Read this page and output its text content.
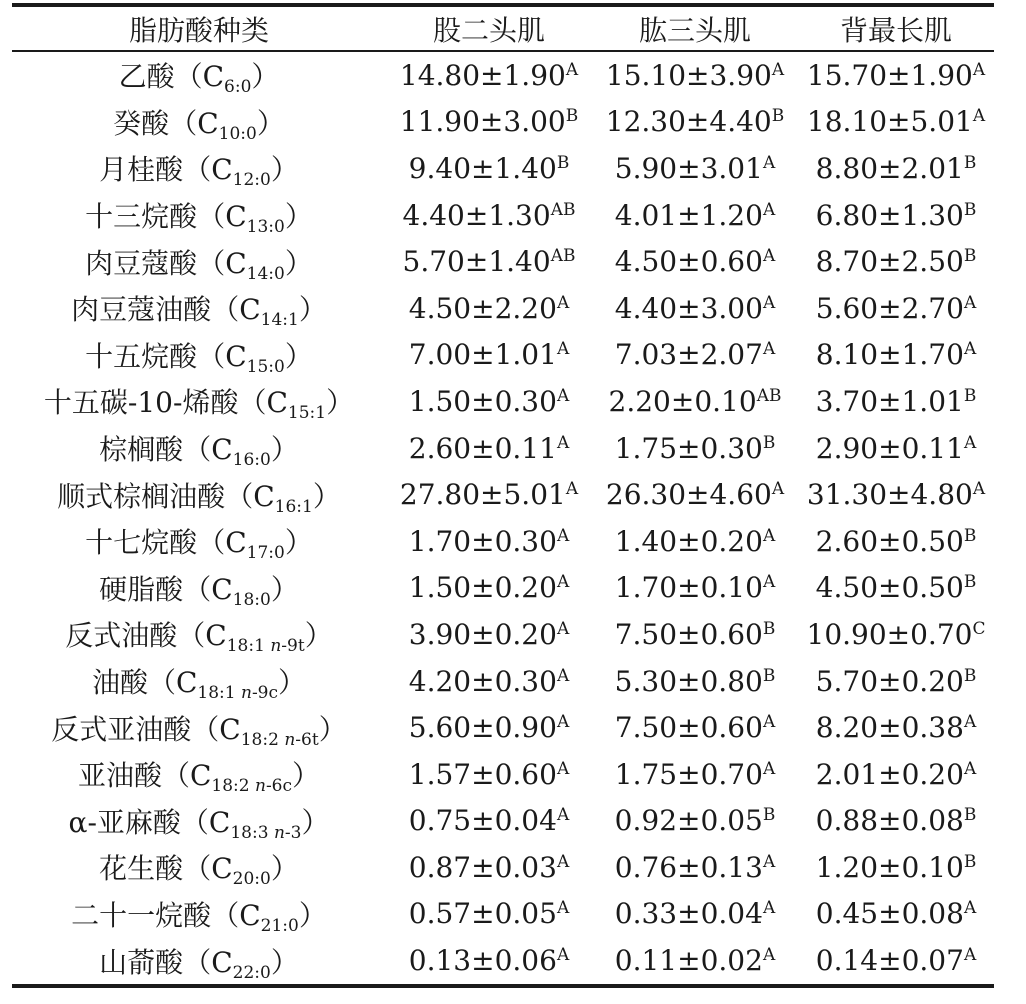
脂肪酸种类	股二头肌	肱三头肌	背最长肌
乙酸$(C_{6:0})$	$14.80\pm 1.90^A$	$15.10\pm 3.90^A$	$15.70\pm 1.90^A$
癸酸$(C_{10:0})$	$11.90\pm 3.00^B$	$12.30\pm 4.40^B$	$18.10\pm 5.01^A$
月桂酸$(C_{12:0})$	$9.40\pm 1.40^B$	$5.90\pm 3.01^A$	$8.80\pm 2.01^B$
十三烷酸$(C_{13:0})$	$4.40\pm 1.30^{AB}$	$4.01\pm 1.20^A$	$6.80\pm 1.30^B$
肉豆蔻酸$(C_{14:0})$	$5.70\pm 1.40^{AB}$	$4.50\pm 0.60^A$	$8.70\pm 2.50^B$
肉豆蔻油酸$(C_{14:1})$	$4.50\pm 2.20^A$	$4.40\pm 3.00^A$	$5.60\pm 2.70^A$
十五烷酸$(C_{15:0})$	$7.00\pm 1.01^A$	$7.03\pm 2.07^A$	$8.10\pm 1.70^A$
十五碳-10-烯酸$(C_{15:1})$	$1.50\pm 0.30^A$	$2.20\pm 0.10^{AB}$	$3.70\pm 1.01^B$
棕榈酸$(C_{16:0})$	$2.60\pm 0.11^A$	$1.75\pm 0.30^B$	$2.90\pm 0.11^A$
顺式棕榈油酸$(C_{16:1})$	$27.80\pm 5.01^A$	$26.30\pm 4.60^A$	$31.30\pm 4.80^A$
十七烷酸$(C_{17:0})$	$1.70\pm 0.30^A$	$1.40\pm 0.20^A$	$2.60\pm 0.50^B$
硬脂酸$(C_{18:0})$	$1.50\pm 0.20^A$	$1.70\pm 0.10^A$	$4.50\pm 0.50^B$
反式油酸$(C_{18:1 n-9t})$	$3.90\pm 0.20^A$	$7.50\pm 0.60^B$	$10.90\pm 0.70^C$
油酸$(C_{18:1 n-9c})$	$4.20\pm 0.30^A$	$5.30\pm 0.80^B$	$5.70\pm 0.20^B$
反式亚油酸$(C_{18:2 n-6t})$	$5.60\pm 0.90^A$	$7.50\pm 0.60^A$	$8.20\pm 0.38^A$
亚油酸$(C_{18:2 n-6c})$	$1.57\pm 0.60^A$	$1.75\pm 0.70^A$	$2.01\pm 0.20^A$
α-亚麻酸$(C_{18:3 n-3})$	$0.75\pm 0.04^A$	$0.92\pm 0.05^B$	$0.88\pm 0.08^B$
花生酸$(C_{20:0})$	$0.87\pm 0.03^A$	$0.76\pm 0.13^A$	$1.20\pm 0.10^B$
二十一烷酸$(C_{21:0})$	$0.57\pm 0.05^A$	$0.33\pm 0.04^A$	$0.45\pm 0.08^A$
山萮酸$(C_{22:0})$	$0.13\pm 0.06^A$	$0.11\pm 0.02^A$	$0.14\pm 0.07^A$
